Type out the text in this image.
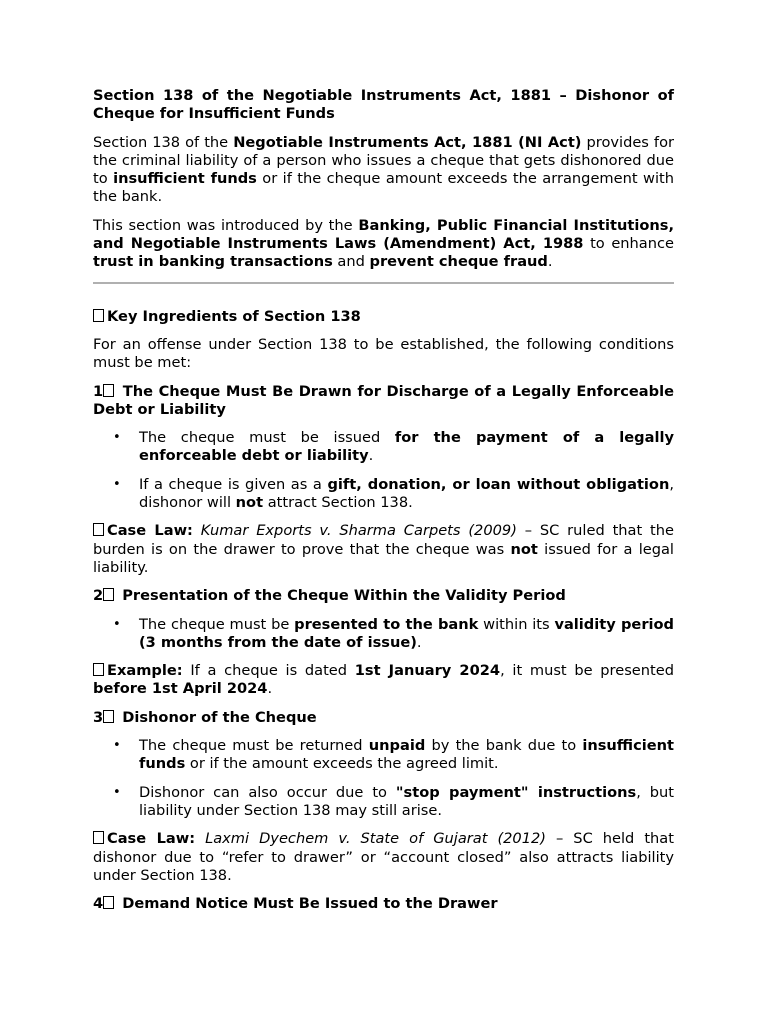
Section 138 of the Negotiable Instruments Act, 1881 – Dishonor of Cheque for Insufficient Funds

Section 138 of the Negotiable Instruments Act, 1881 (NI Act) provides for the criminal liability of a person who issues a cheque that gets dishonored due to insufficient funds or if the cheque amount exceeds the arrangement with the bank.

This section was introduced by the Banking, Public Financial Institutions, and Negotiable Instruments Laws (Amendment) Act, 1988 to enhance trust in banking transactions and prevent cheque fraud.

Key Ingredients of Section 138

For an offense under Section 138 to be established, the following conditions must be met:

1 The Cheque Must Be Drawn for Discharge of a Legally Enforceable Debt or Liability

• The cheque must be issued for the payment of a legally enforceable debt or liability.
• If a cheque is given as a gift, donation, or loan without obligation, dishonor will not attract Section 138.

Case Law: Kumar Exports v. Sharma Carpets (2009) – SC ruled that the burden is on the drawer to prove that the cheque was not issued for a legal liability.

2 Presentation of the Cheque Within the Validity Period

• The cheque must be presented to the bank within its validity period (3 months from the date of issue).

Example: If a cheque is dated 1st January 2024, it must be presented before 1st April 2024.

3 Dishonor of the Cheque

• The cheque must be returned unpaid by the bank due to insufficient funds or if the amount exceeds the agreed limit.
• Dishonor can also occur due to "stop payment" instructions, but liability under Section 138 may still arise.

Case Law: Laxmi Dyechem v. State of Gujarat (2012) – SC held that dishonor due to “refer to drawer” or “account closed” also attracts liability under Section 138.

4 Demand Notice Must Be Issued to the Drawer
